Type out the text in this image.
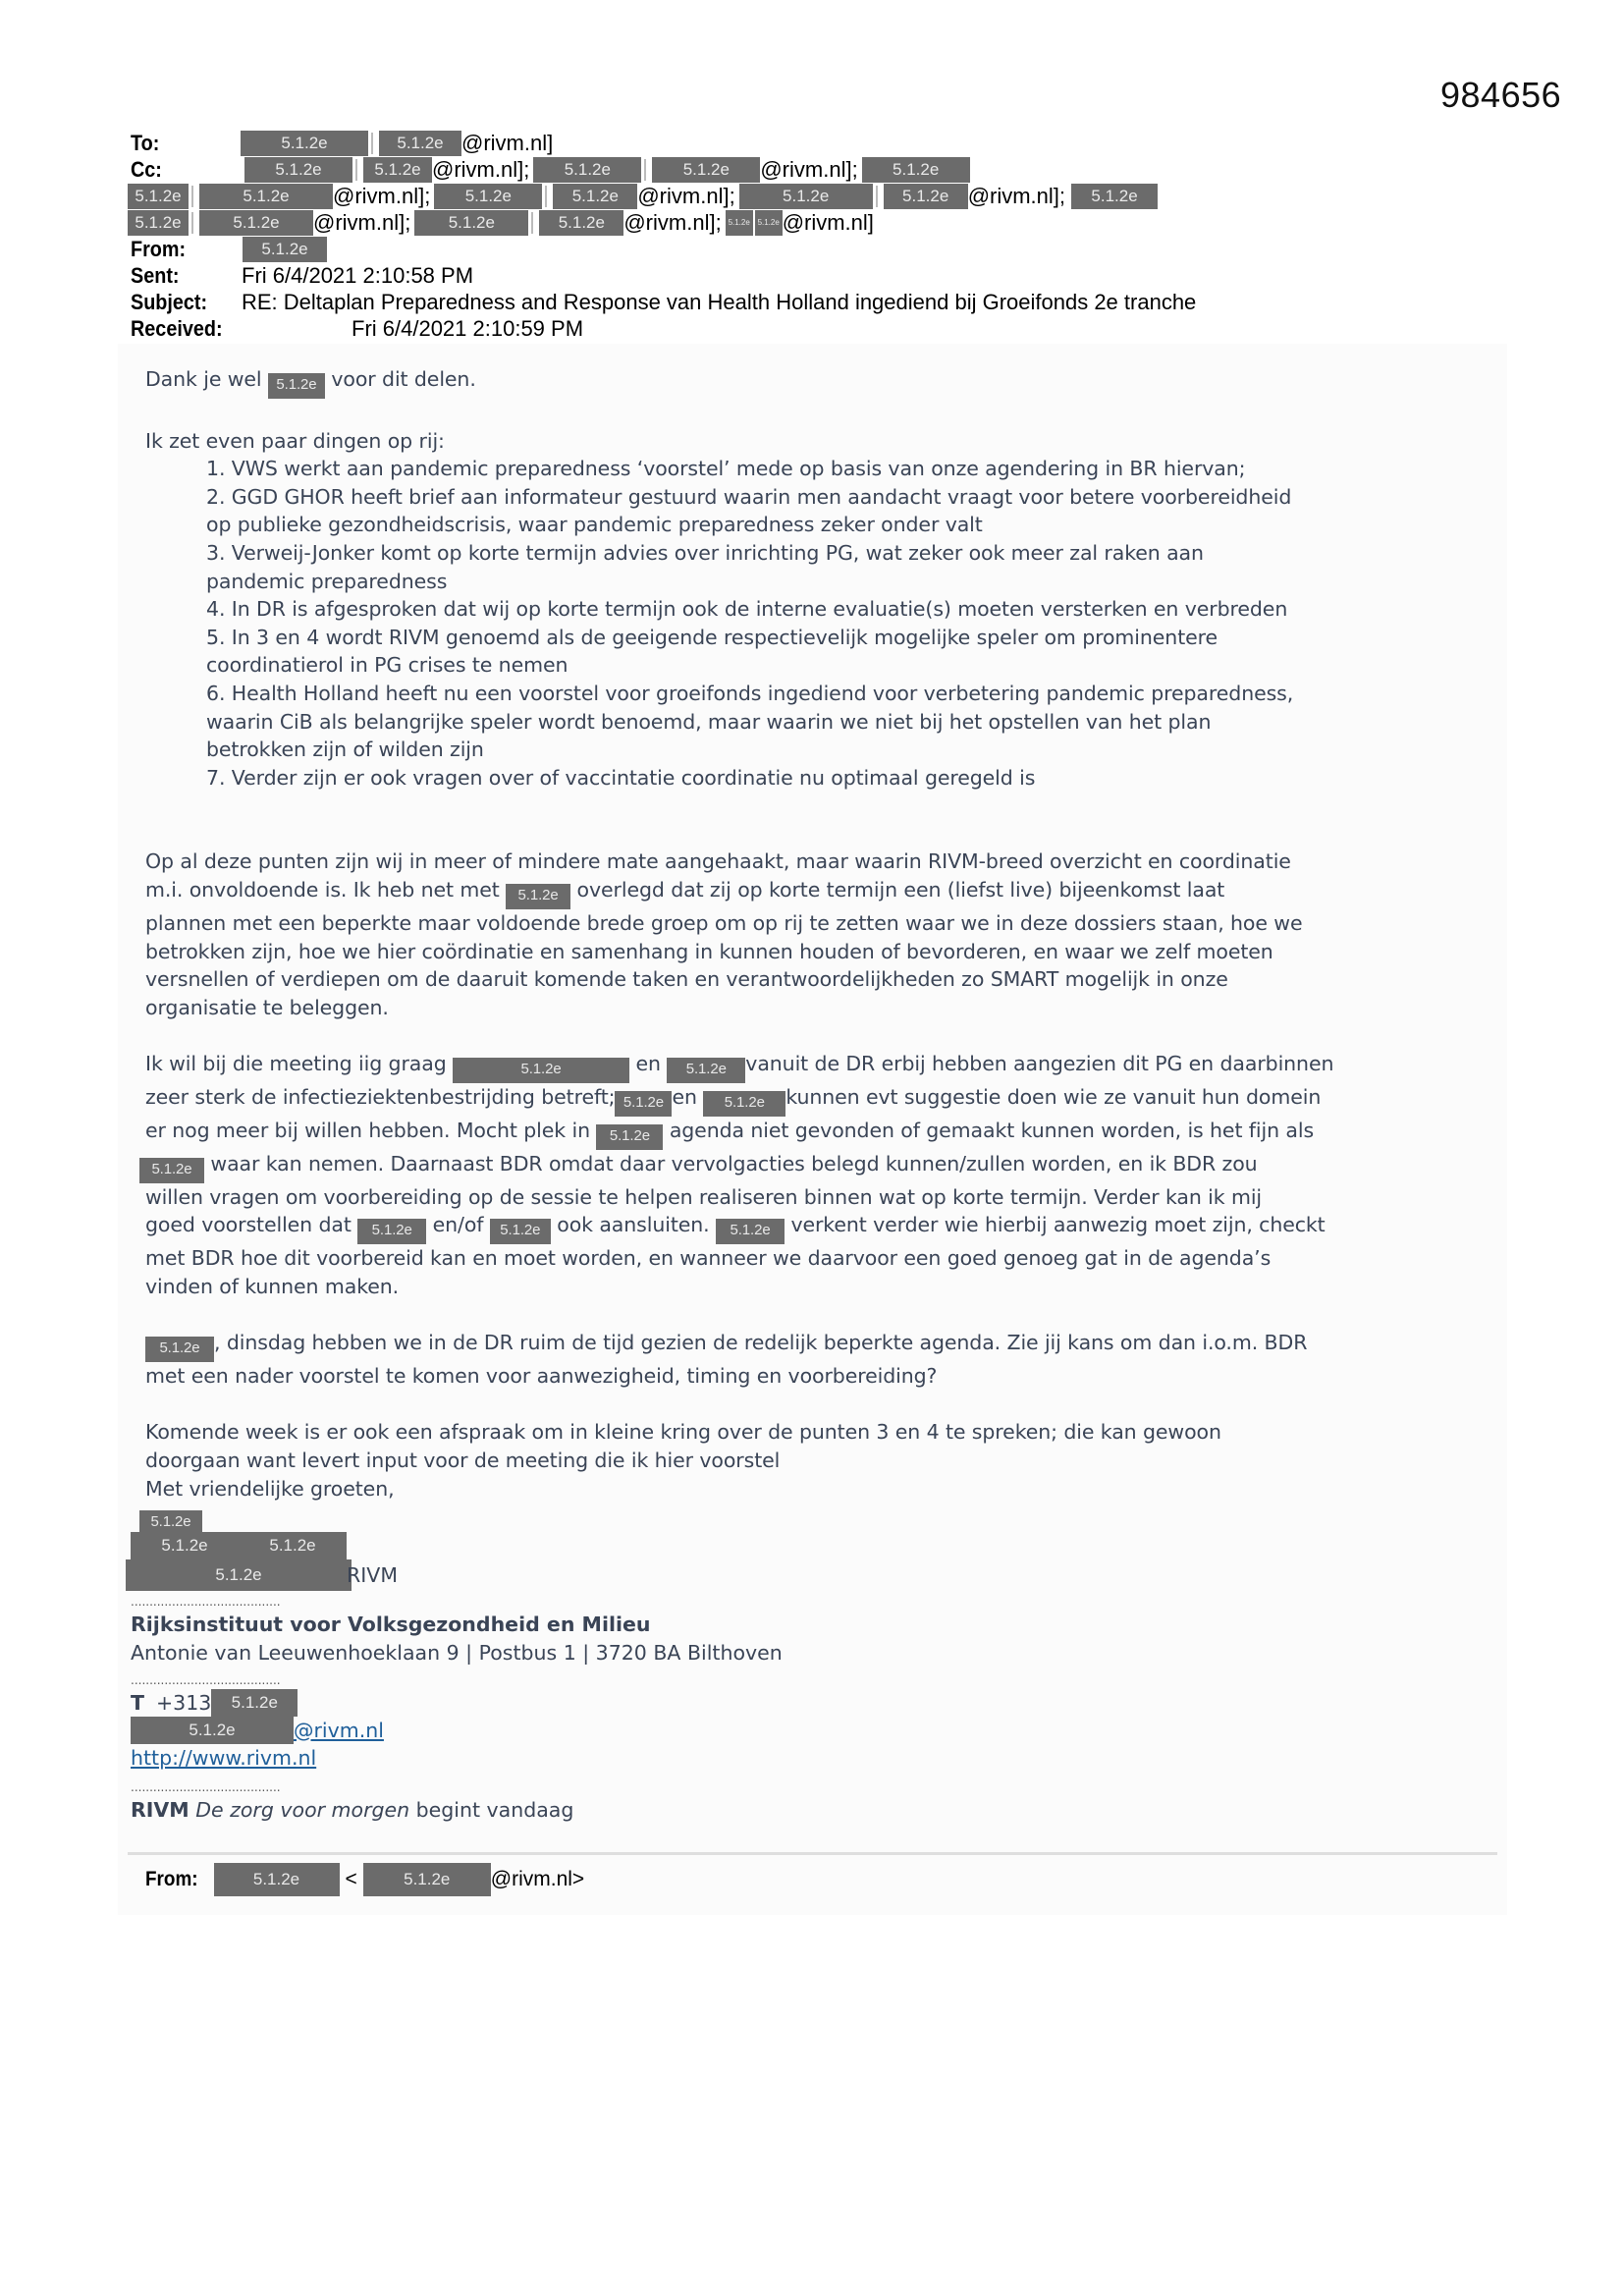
984656
To:	5.1.2e	5.1.2e @rivm.nl]
Cc:	5.1.2e	5.1.2e @rivm.nl];	5.1.2e	5.1.2e	@rivm.nl];	5.1.2e
5.1.2e	5.1.2e	@rivm.nl];	5.1.2e	5.1.2e @rivm.nl];	5.1.2e	5.1.2e @rivm.nl];	5.1.2e
5.1.2e	5.1.2e	@rivm.nl];	5.1.2e	5.1.2e @rivm.nl]; 5.1.2e 5.1.2e @rivm.nl]
From:	5.1.2e
Sent:	Fri 6/4/2021 2:10:58 PM
Subject:	RE: Deltaplan Preparedness and Response van Health Holland ingediend bij Groeifonds 2e tranche
Received:	Fri 6/4/2021 2:10:59 PM

Dank je wel 5.1.2e voor dit delen.

Ik zet even paar dingen op rij:

1. VWS werkt aan pandemic preparedness ‘voorstel’ mede op basis van onze agendering in BR hiervan;
2. GGD GHOR heeft brief aan informateur gestuurd waarin men aandacht vraagt voor betere voorbereidheid
op publieke gezondheidscrisis, waar pandemic preparedness zeker onder valt
3. Verweij-Jonker komt op korte termijn advies over inrichting PG, wat zeker ook meer zal raken aan
pandemic preparedness
4. In DR is afgesproken dat wij op korte termijn ook de interne evaluatie(s) moeten versterken en verbreden
5. In 3 en 4 wordt RIVM genoemd als de geeigende respectievelijk mogelijke speler om prominentere
coordinatierol in PG crises te nemen
6. Health Holland heeft nu een voorstel voor groeifonds ingediend voor verbetering pandemic preparedness,
waarin CiB als belangrijke speler wordt benoemd, maar waarin we niet bij het opstellen van het plan
betrokken zijn of wilden zijn
7. Verder zijn er ook vragen over of vaccintatie coordinatie nu optimaal geregeld is

Op al deze punten zijn wij in meer of mindere mate aangehaakt, maar waarin RIVM-breed overzicht en coordinatie
m.i. onvoldoende is. Ik heb net met 5.1.2e overlegd dat zij op korte termijn een (liefst live) bijeenkomst laat
plannen met een beperkte maar voldoende brede groep om op rij te zetten waar we in deze dossiers staan, hoe we
betrokken zijn, hoe we hier coördinatie en samenhang in kunnen houden of bevorderen, en waar we zelf moeten
versnellen of verdiepen om de daaruit komende taken en verantwoordelijkheden zo SMART mogelijk in onze
organisatie te beleggen.

Ik wil bij die meeting iig graag	5.1.2e	en 5.1.2e vanuit de DR erbij hebben aangezien dit PG en daarbinnen
zeer sterk de infectieziektenbestrijding betreft; 5.1.2e en 5.1.2e kunnen evt suggestie doen wie ze vanuit hun domein
er nog meer bij willen hebben. Mocht plek in 5.1.2e agenda niet gevonden of gemaakt kunnen worden, is het fijn als
5.1.2e waar kan nemen. Daarnaast BDR omdat daar vervolgacties belegd kunnen/zullen worden, en ik BDR zou
willen vragen om voorbereiding op de sessie te helpen realiseren binnen wat op korte termijn. Verder kan ik mij
goed voorstellen dat 5.1.2e en/of 5.1.2e ook aansluiten. 5.1.2e verkent verder wie hierbij aanwezig moet zijn, checkt
met BDR hoe dit voorbereid kan en moet worden, en wanneer we daarvoor een goed genoeg gat in de agenda’s
vinden of kunnen maken.

5.1.2e , dinsdag hebben we in de DR ruim de tijd gezien de redelijk beperkte agenda. Zie jij kans om dan i.o.m. BDR
met een nader voorstel te komen voor aanwezigheid, timing en voorbereiding?

Komende week is er ook een afspraak om in kleine kring over de punten 3 en 4 te spreken; die kan gewoon
doorgaan want levert input voor de meeting die ik hier voorstel
Met vriendelijke groeten,
5.1.2e

5.1.2e	5.1.2e
5.1.2e	RIVM
........................................
Rijksinstituut voor Volksgezondheid en Milieu
Antonie van Leeuwenhoeklaan 9 | Postbus 1 | 3720 BA Bilthoven
........................................
T +313	5.1.2e
5.1.2e	@rivm.nl
http://www.rivm.nl
........................................
RIVM De zorg voor morgen begint vandaag
From:	5.1.2e	<	5.1.2e	@rivm.nl>
